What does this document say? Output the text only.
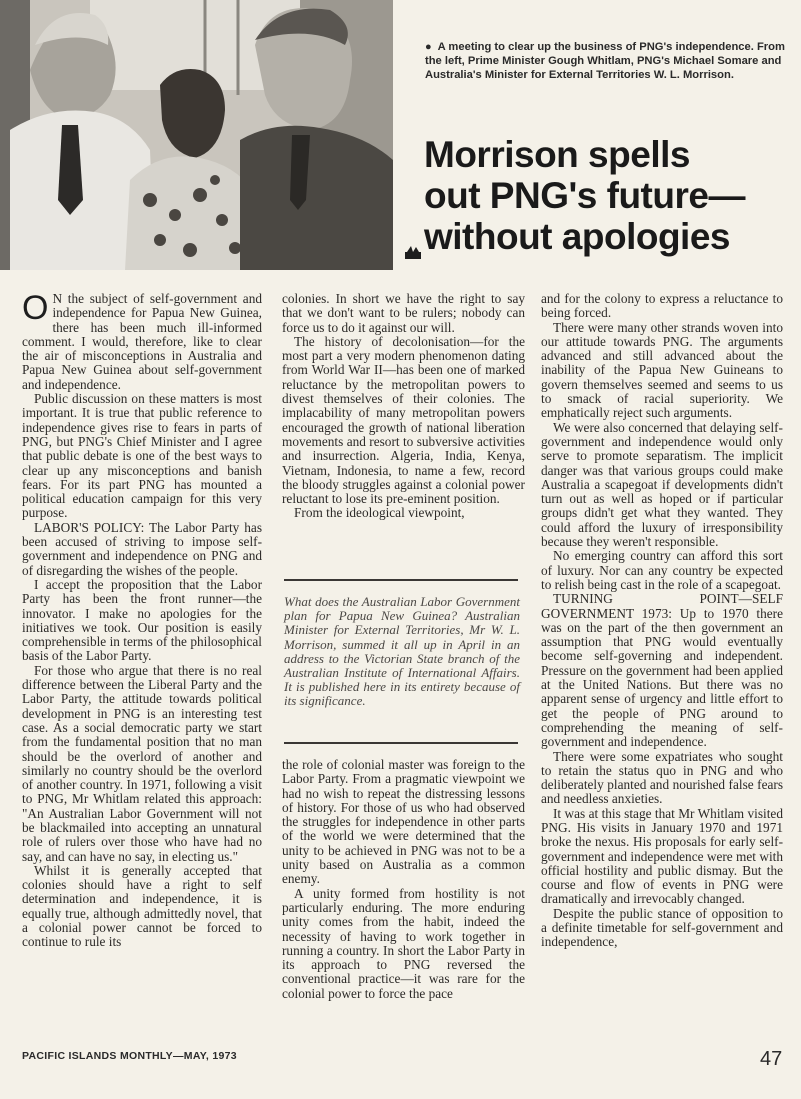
● A meeting to clear up the business of PNG's independence. From the left, Prime Minister Gough Whitlam, PNG's Michael Somare and Australia's Minister for External Territories W. L. Morrison.
Morrison spells
out PNG's future—
without apologies

O N the subject of self-government and independence for Papua New Guinea, there has been much ill-informed comment. I would, therefore, like to clear the air of misconceptions in Australia and Papua New Guinea about self-government and independence.

Public discussion on these matters is most important. It is true that public reference to independence gives rise to fears in parts of PNG, but PNG's Chief Minister and I agree that public debate is one of the best ways to clear up any misconceptions and banish fears. For its part PNG has mounted a political education campaign for this very purpose.

LABOR'S POLICY: The Labor Party has been accused of striving to impose self-government and independence on PNG and of disregarding the wishes of the people.

I accept the proposition that the Labor Party has been the front runner—the innovator. I make no apologies for the initiatives we took. Our position is easily comprehensible in terms of the philosophical basis of the Labor Party.

For those who argue that there is no real difference between the Liberal Party and the Labor Party, the attitude towards political development in PNG is an interesting test case. As a social democratic party we start from the fundamental position that no man should be the overlord of another and similarly no country should be the overlord of another country. In 1971, following a visit to PNG, Mr Whitlam related this approach: "An Australian Labor Government will not be blackmailed into accepting an unnatural role of rulers over those who have had no say, and can have no say, in electing us."

Whilst it is generally accepted that colonies should have a right to self determination and independence, it is equally true, although admittedly novel, that a colonial power cannot be forced to continue to rule its

colonies. In short we have the right to say that we don't want to be rulers; nobody can force us to do it against our will.

The history of decolonisation—for the most part a very modern phenomenon dating from World War II—has been one of marked reluctance by the metropolitan powers to divest themselves of their colonies. The implacability of many metropolitan powers encouraged the growth of national liberation movements and resort to subversive activities and insurrection. Algeria, India, Kenya, Vietnam, Indonesia, to name a few, record the bloody struggles against a colonial power reluctant to lose its pre-eminent position.

From the ideological viewpoint,

What does the Australian Labor Government plan for Papua New Guinea? Australian Minister for External Territories, Mr W. L. Morrison, summed it all up in April in an address to the Victorian State branch of the Australian Institute of International Affairs. It is published here in its entirety because of its significance.

the role of colonial master was foreign to the Labor Party. From a pragmatic viewpoint we had no wish to repeat the distressing lessons of history. For those of us who had observed the struggles for independence in other parts of the world we were determined that the unity to be achieved in PNG was not to be a unity based on Australia as a common enemy.

A unity formed from hostility is not particularly enduring. The more enduring unity comes from the habit, indeed the necessity of having to work together in running a country. In short the Labor Party in its approach to PNG reversed the conventional practice—it was rare for the colonial power to force the pace

and for the colony to express a reluctance to being forced.

There were many other strands woven into our attitude towards PNG. The arguments advanced and still advanced about the inability of the Papua New Guineans to govern themselves seemed and seems to us to smack of racial superiority. We emphatically reject such arguments.

We were also concerned that delaying self-government and independence would only serve to promote separatism. The implicit danger was that various groups could make Australia a scapegoat if developments didn't turn out as well as hoped or if particular groups didn't get what they wanted. They could afford the luxury of irresponsibility because they weren't responsible.

No emerging country can afford this sort of luxury. Nor can any country be expected to relish being cast in the role of a scapegoat.

TURNING POINT—SELF GOVERNMENT 1973: Up to 1970 there was on the part of the then government an assumption that PNG would eventually become self-governing and independent. Pressure on the government had been applied at the United Nations. But there was no apparent sense of urgency and little effort to get the people of PNG around to comprehending the meaning of self-government and independence.

There were some expatriates who sought to retain the status quo in PNG and who deliberately planted and nourished false fears and needless anxieties.

It was at this stage that Mr Whitlam visited PNG. His visits in January 1970 and 1971 broke the nexus. His proposals for early self-government and independence were met with official hostility and public dismay. But the course and flow of events in PNG were dramatically and irrevocably changed.

Despite the public stance of opposition to a definite timetable for self-government and independence,

PACIFIC ISLANDS MONTHLY—MAY, 1973	47
